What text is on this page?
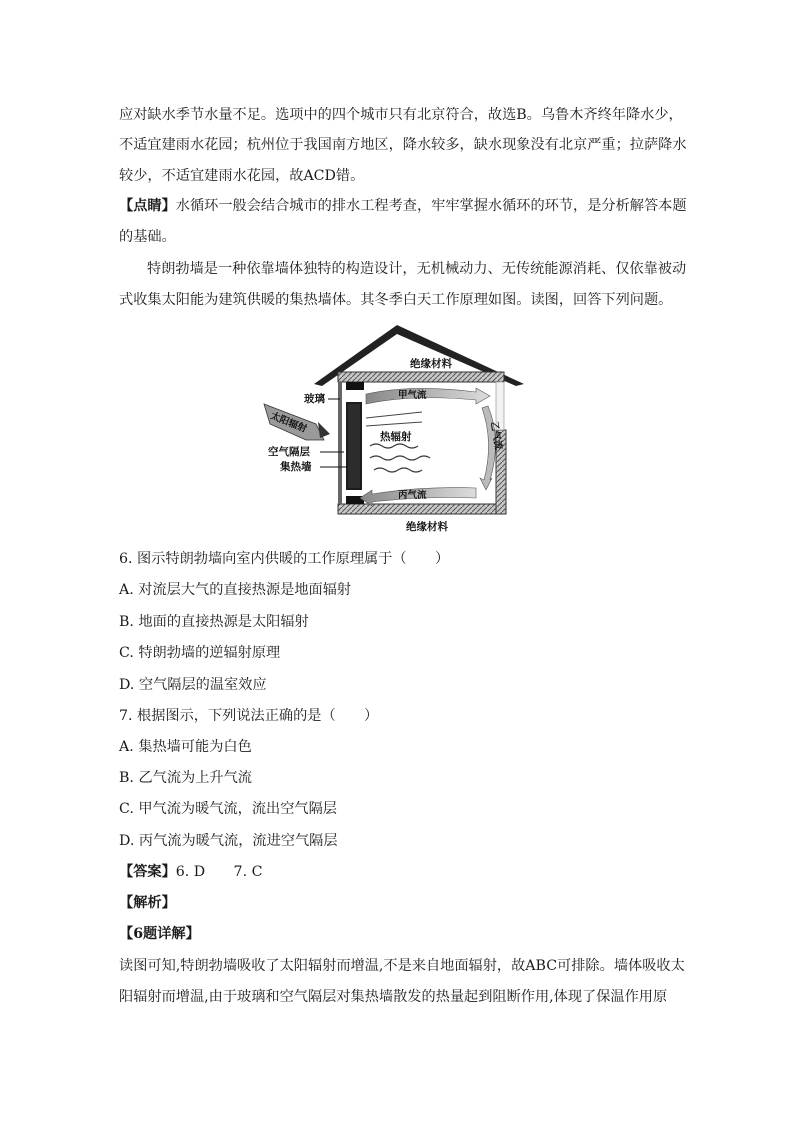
应对缺水季节水量不足。选项中的四个城市只有北京符合，故选B。乌鲁木齐终年降水少，
不适宜建雨水花园；杭州位于我国南方地区，降水较多，缺水现象没有北京严重；拉萨降水
较少，不适宜建雨水花园，故ACD错。
【点睛】水循环一般会结合城市的排水工程考查，牢牢掌握水循环的环节，是分析解答本题
的基础。
特朗勃墙是一种依靠墙体独特的构造设计，无机械动力、无传统能源消耗、仅依靠被动
式收集太阳能为建筑供暖的集热墙体。其冬季白天工作原理如图。读图，回答下列问题。
绝缘材料
绝缘材料
玻璃
空气隔层
集热墙
太阳辐射
甲气流
丙气流
乙气流
热辐射
6. 图示特朗勃墙向室内供暖的工作原理属于（　　）
A. 对流层大气的直接热源是地面辐射
B. 地面的直接热源是太阳辐射
C. 特朗勃墙的逆辐射原理
D. 空气隔层的温室效应
7. 根据图示，下列说法正确的是（　　）
A. 集热墙可能为白色
B. 乙气流为上升气流
C. 甲气流为暖气流，流出空气隔层
D. 丙气流为暖气流，流进空气隔层
【答案】6. D　　7. C
【解析】
【6题详解】
读图可知,特朗勃墙吸收了太阳辐射而增温,不是来自地面辐射，故ABC可排除。墙体吸收太
阳辐射而增温,由于玻璃和空气隔层对集热墙散发的热量起到阻断作用,体现了保温作用原
